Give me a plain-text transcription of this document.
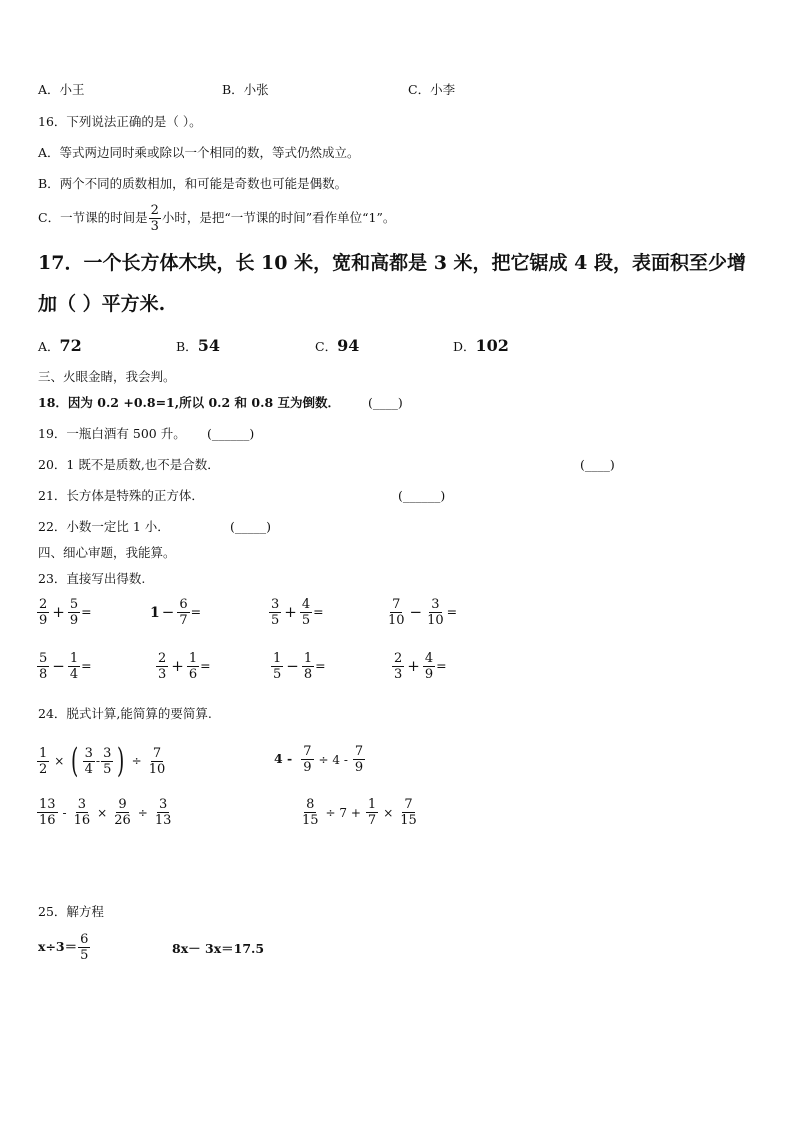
A．小王	B．小张	C．小李
16．下列说法正确的是（ ）。
A．等式两边同时乘或除以一个相同的数，等式仍然成立。
B．两个不同的质数相加，和可能是奇数也可能是偶数。
C．一节课的时间是 $\frac{2}{3}$ 小时，是把“一节课的时间”看作单位“1”。
17．一个长方体木块，长 10 米，宽和高都是 3 米，把它锯成 4 段，表面积至少增
加（ ）平方米.
A．72	B．54	C．94	D．102
三、火眼金睛，我会判。
18．因为 0.2 +0.8=1,所以 0.2 和 0.8 互为倒数． (____)
19．一瓶白酒有 500 升。 (______)
20．1 既不是质数,也不是合数．	(____)
21．长方体是特殊的正方体．	(______)
22．小数一定比 1 小．	(_____)
四、细心审题，我能算。
23．直接写出得数.
$\frac{2}{9} + \frac{5}{9}$ =	$1 - \frac{6}{7}$ =	$\frac{3}{5} + \frac{4}{5}$ =	$\frac{7}{10} - \frac{3}{10}$ =
$\frac{5}{8} - \frac{1}{4}$ =	$\frac{2}{3} + \frac{1}{6}$ =	$\frac{1}{5} - \frac{1}{8}$ =	$\frac{2}{3} + \frac{4}{9}$ =
24．脱式计算,能简算的要简算.
$\frac{1}{2}$ × ( $\frac{3}{4} - \frac{3}{5}$ ) ÷ $\frac{7}{10}$	$4 - \frac{7}{9} \div 4 - \frac{7}{9}$
$\frac{13}{16} - \frac{3}{16} \times \frac{9}{26} \div \frac{3}{13}$	$\frac{8}{15} \div 7 + \frac{1}{7} \times \frac{7}{15}$
25．解方程
$x\div 3= \frac{6}{5}$	8x－ 3x＝17.5
